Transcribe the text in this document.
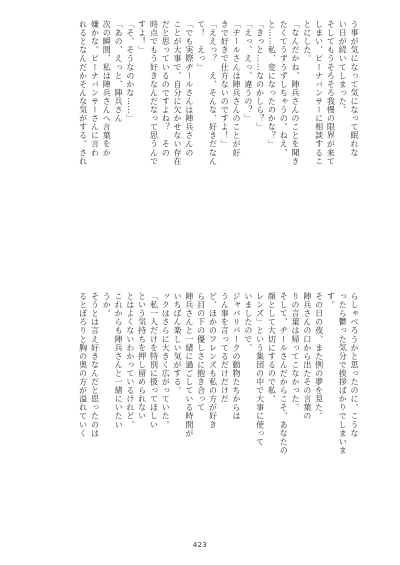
う事が気になって気になって眠れな
い日が続いてしまった。
そしてもうそろそろ我慢の限界が来て
しまい、ピーナバンサーに相談するこ
とにした。
「なんだかね、陣兵さんのことを聞き
たくてうずうずしちゃうの。ねえ、
と……私、変になったのかな？」
「きっと……なのかしら？」
「えっ、えっ、違うの？」
「ヂールさんは陣兵さんのことが好
きで好きで仕方ないのですよ！」
「ええっ？　え、そんな、好きだなん
て！　えっ」
「でも実際ヂールさんは陣兵さんの
ことが大事で、自分に欠かせない存在
だと思っているのですよね？　その
時点でもう好きなんだなって思うんで
すよ！」
「そ、そうなのかな……」
「あの、えっと、陣兵さん
次の瞬間、私は陣兵さんへ言葉をか
嫌かな。ピーナバンサーさんに言わ
れるとなんだかそんな気がする。され
らしゃべろうかと思ったのに、こうな
ったら鬱った気分で挨拶ばかりでしまいま
す。
その日の夜、また例の夢を見た。
陣兵さんの口から出たその言葉の
りの言葉は帰ってこなかった。
そして、ヂールさんだからこそ、あなたの
顔として大切にするので私、
レンズ」という集団の中で大事に使って
いましたので、
ジャパリパークの動物たちからは
うん事を言ってるだけだけだ
ど、ほかのフレンズも私の方が好き
ら目の下の優しさに抱き合って
陣兵さんと一緒に過ごしている時間が
いちばん楽しい気がする。
ックはさらに大きく広がっていた。
「私一人だけを特別に扱ってほしい
という気持ちを押し留められない
とはよくないわかっているけれど、
これからも陣兵さんと一緒にいたい
うか。
そうとは言え好きなんだと思ったのは
るとぽろりと胸の奥の方が溢れていく
423
